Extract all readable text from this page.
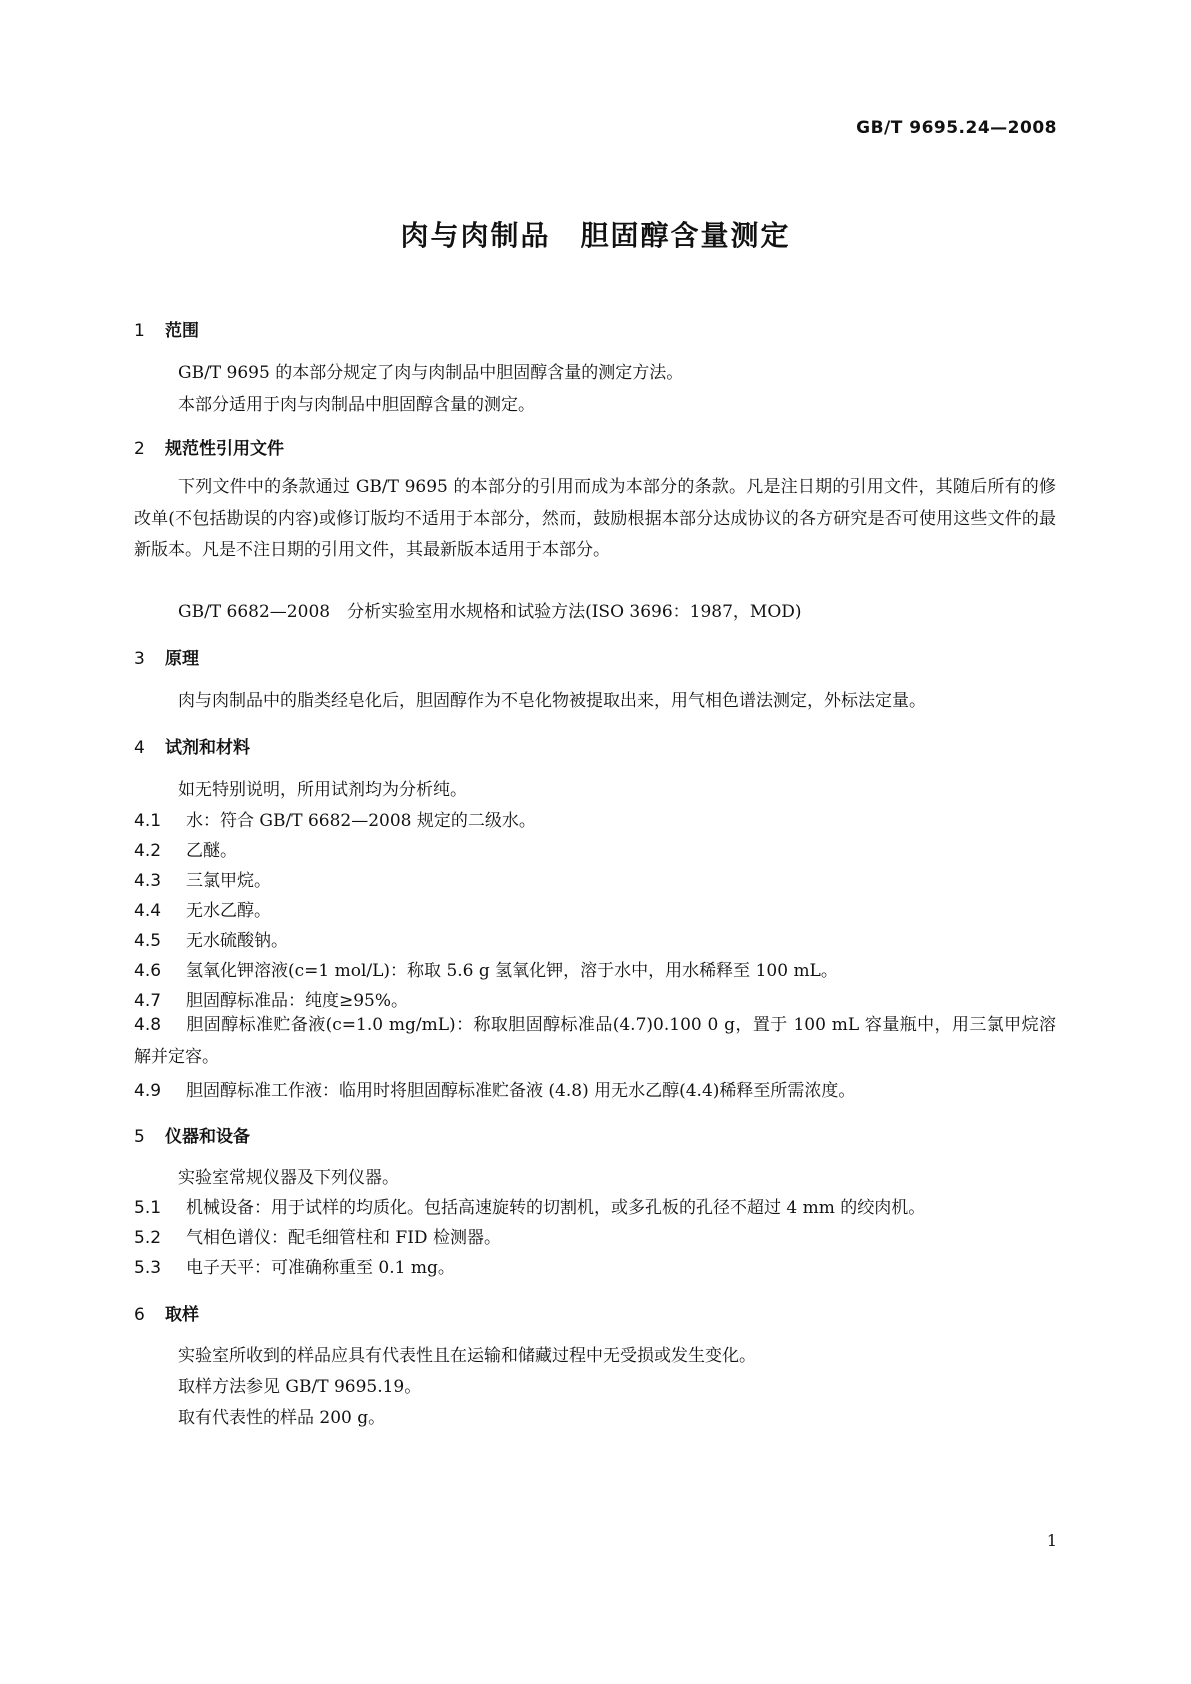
GB/T 9695.24—2008
肉与肉制品　胆固醇含量测定
1 范围
GB/T 9695 的本部分规定了肉与肉制品中胆固醇含量的测定方法。
本部分适用于肉与肉制品中胆固醇含量的测定。
2 规范性引用文件
下列文件中的条款通过 GB/T 9695 的本部分的引用而成为本部分的条款。凡是注日期的引用文件，其随后所有的修改单(不包括勘误的内容)或修订版均不适用于本部分，然而，鼓励根据本部分达成协议的各方研究是否可使用这些文件的最新版本。凡是不注日期的引用文件，其最新版本适用于本部分。
GB/T 6682—2008　分析实验室用水规格和试验方法(ISO 3696：1987，MOD)
3 原理
肉与肉制品中的脂类经皂化后，胆固醇作为不皂化物被提取出来，用气相色谱法测定，外标法定量。
4 试剂和材料
如无特别说明，所用试剂均为分析纯。
4.1 水：符合 GB/T 6682—2008 规定的二级水。
4.2 乙醚。
4.3 三氯甲烷。
4.4 无水乙醇。
4.5 无水硫酸钠。
4.6 氢氧化钾溶液(c=1 mol/L)：称取 5.6 g 氢氧化钾，溶于水中，用水稀释至 100 mL。
4.7 胆固醇标准品：纯度≥95%。
4.8 胆固醇标准贮备液(c=1.0 mg/mL)：称取胆固醇标准品(4.7)0.100 0 g，置于 100 mL 容量瓶中，用三氯甲烷溶解并定容。
4.9 胆固醇标准工作液：临用时将胆固醇标准贮备液 (4.8) 用无水乙醇(4.4)稀释至所需浓度。
5 仪器和设备
实验室常规仪器及下列仪器。
5.1 机械设备：用于试样的均质化。包括高速旋转的切割机，或多孔板的孔径不超过 4 mm 的绞肉机。
5.2 气相色谱仪：配毛细管柱和 FID 检测器。
5.3 电子天平：可准确称重至 0.1 mg。
6 取样
实验室所收到的样品应具有代表性且在运输和储藏过程中无受损或发生变化。
取样方法参见 GB/T 9695.19。
取有代表性的样品 200 g。
1
